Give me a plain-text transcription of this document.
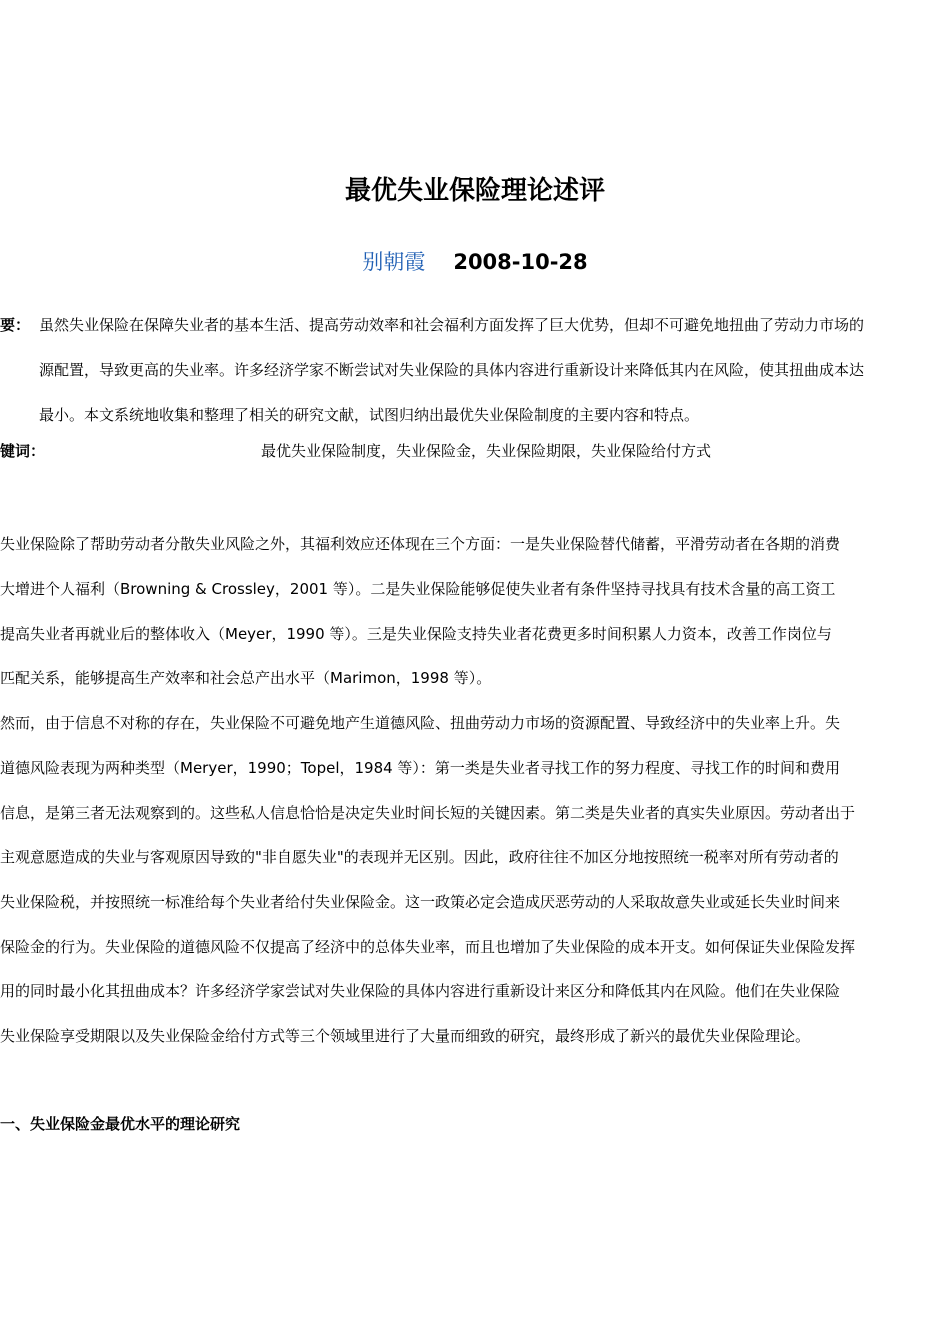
最优失业保险理论述评
别朝霞 2008-10-28
要： 虽然失业保险在保障失业者的基本生活、提高劳动效率和社会福利方面发挥了巨大优势，但却不可避免地扭曲了劳动力市场的
源配置，导致更高的失业率。许多经济学家不断尝试对失业保险的具体内容进行重新设计来降低其内在风险，使其扭曲成本达
最小。本文系统地收集和整理了相关的研究文献，试图归纳出最优失业保险制度的主要内容和特点。
键词：	最优失业保险制度，失业保险金，失业保险期限，失业保险给付方式
失业保险除了帮助劳动者分散失业风险之外，其福利效应还体现在三个方面：一是失业保险替代储蓄，平滑劳动者在各期的消费
大增进个人福利（Browning & Crossley，2001 等）。二是失业保险能够促使失业者有条件坚持寻找具有技术含量的高工资工
提高失业者再就业后的整体收入（Meyer，1990 等）。三是失业保险支持失业者花费更多时间积累人力资本，改善工作岗位与
匹配关系，能够提高生产效率和社会总产出水平（Marimon，1998 等）。
然而，由于信息不对称的存在，失业保险不可避免地产生道德风险、扭曲劳动力市场的资源配置、导致经济中的失业率上升。失
道德风险表现为两种类型（Meryer，1990；Topel，1984 等）：第一类是失业者寻找工作的努力程度、寻找工作的时间和费用
信息，是第三者无法观察到的。这些私人信息恰恰是决定失业时间长短的关键因素。第二类是失业者的真实失业原因。劳动者出于
主观意愿造成的失业与客观原因导致的"非自愿失业"的表现并无区别。因此，政府往往不加区分地按照统一税率对所有劳动者的
失业保险税，并按照统一标准给每个失业者给付失业保险金。这一政策必定会造成厌恶劳动的人采取故意失业或延长失业时间来
保险金的行为。失业保险的道德风险不仅提高了经济中的总体失业率，而且也增加了失业保险的成本开支。如何保证失业保险发挥
用的同时最小化其扭曲成本？许多经济学家尝试对失业保险的具体内容进行重新设计来区分和降低其内在风险。他们在失业保险
失业保险享受期限以及失业保险金给付方式等三个领域里进行了大量而细致的研究，最终形成了新兴的最优失业保险理论。
一、失业保险金最优水平的理论研究
